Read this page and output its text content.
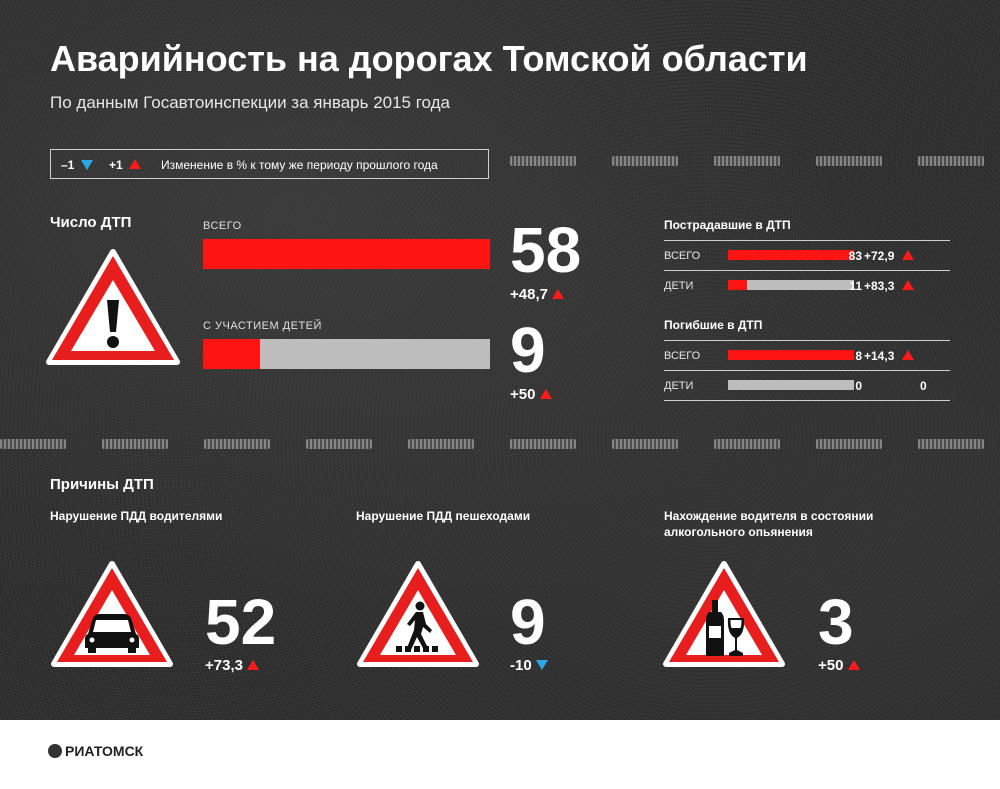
Аварийность на дорогах Томской области
По данным Госавтоинспекции за январь 2015 года
–1	+1	Изменение в % к тому же периоду прошлого года
Число ДТП	ВСЕГО	58
+48,7
С УЧАСТИЕМ ДЕТЕЙ	9
+50
Пострадавшие в ДТП
ВСЕГО	83 +72,9
ДЕТИ	11 +83,3
Погибшие в ДТП
ВСЕГО	8 +14,3
ДЕТИ	0	0
Причины ДТП
Нарушение ПДД водителями
52
+73,3
Нарушение ПДД пешеходами
9
-10
Нахождение водителя в состоянии алкогольного опьянения
3
+50
РИАТОМСК
